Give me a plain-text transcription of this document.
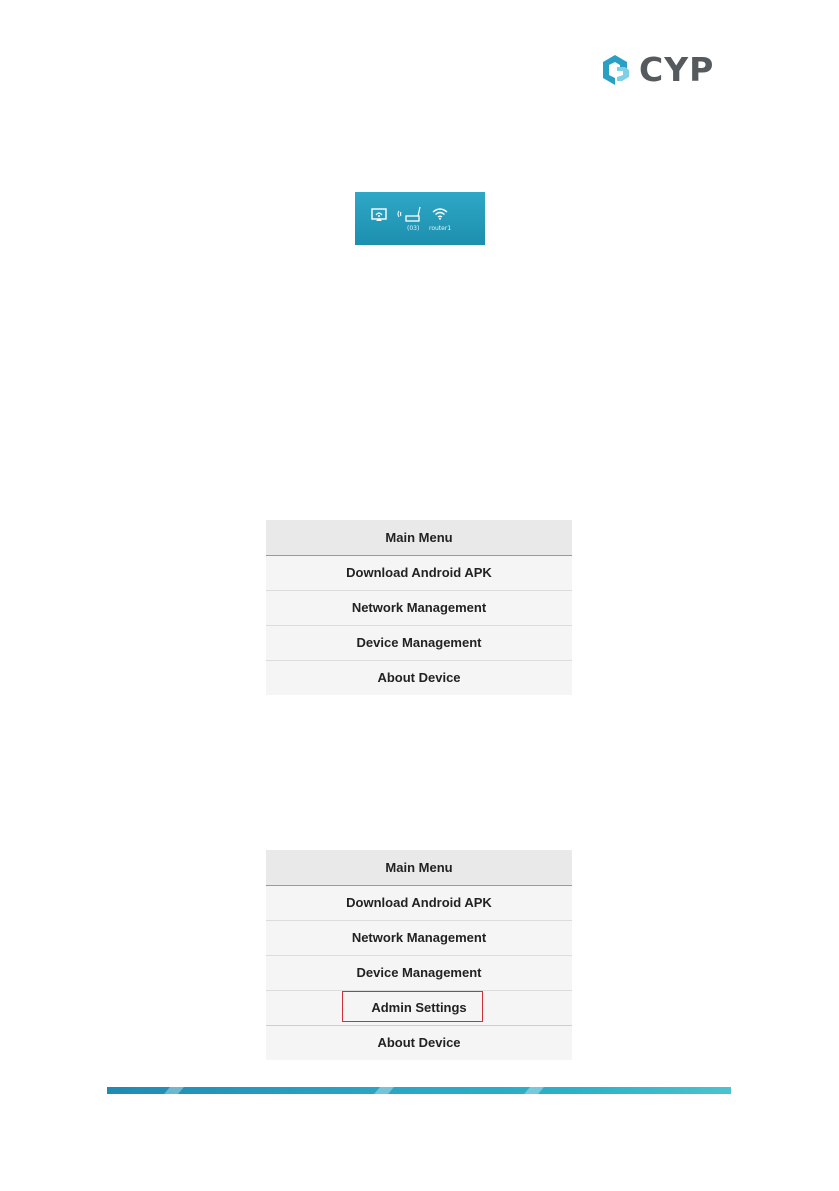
CYP
(03) router1
Main Menu
Download Android APK
Network Management
Device Management
About Device
Main Menu
Download Android APK
Network Management
Device Management
Admin Settings
About Device
